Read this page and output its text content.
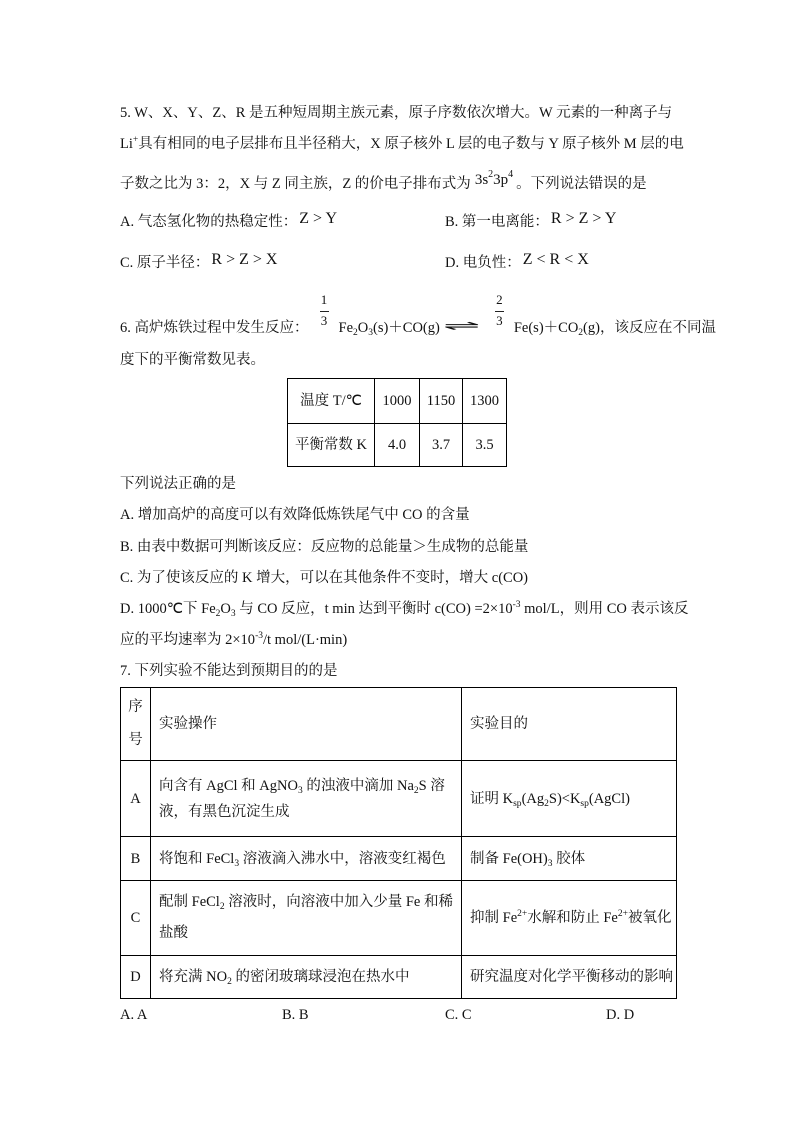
5. W、X、Y、Z、R 是五种短周期主族元素，原子序数依次增大。W 元素的一种离子与
Li+具有相同的电子层排布且半径稍大，X 原子核外 L 层的电子数与 Y 原子核外 M 层的电
子数之比为 3：2，X 与 Z 同主族，Z 的价电子排布式为 $3s^23p^4$。下列说法错误的是
A. 气态氢化物的热稳定性： Z > Y	B. 第一电离能： R > Z > Y
C. 原子半径： R > Z > X	D. 电负性： Z < R < X
6. 高炉炼铁过程中发生反应： $\frac{1}{3} Fe_2O_3(s)+CO(g)$ ⇌ $\frac{2}{3} Fe(s)+CO_2(g)$，该反应在不同温
度下的平衡常数见表。
温度 T/℃	1000	1150	1300
平衡常数 K	4.0	3.7	3.5
下列说法正确的是
A. 增加高炉的高度可以有效降低炼铁尾气中 CO 的含量
B. 由表中数据可判断该反应：反应物的总能量＞生成物的总能量
C. 为了使该反应的 K 增大，可以在其他条件不变时，增大 c(CO)
D. 1000℃下 $Fe_2O_3$ 与 CO 反应，t min 达到平衡时 $c(CO) =2\times 10^{-3}$ mol/L，则用 CO 表示该反
应的平均速率为 $2\times 10^{-3}/t$ mol/(L·min)
7. 下列实验不能达到预期目的的是
序
号	实验操作	实验目的
A	向含有 AgCl 和 AgNO$_3$ 的浊液中滴加 $Na_2S$ 溶
液，有黑色沉淀生成	证明 $K_{sp}(Ag_2S)<K_{sp}(AgCl)$

B	将饱和 FeCl$_3$ 溶液滴入沸水中，溶液变红褐色	制备 $Fe(OH)_3$ 胶体

C	配制 FeCl$_2$ 溶液时，向溶液中加入少量 Fe 和稀
盐酸	抑制 $Fe^{2+}$水解和防止 $Fe^{2+}$被氧化

D	将充满 $NO_2$ 的密闭玻璃球浸泡在热水中	研究温度对化学平衡移动的影响
A. A	B. B	C. C	D. D
